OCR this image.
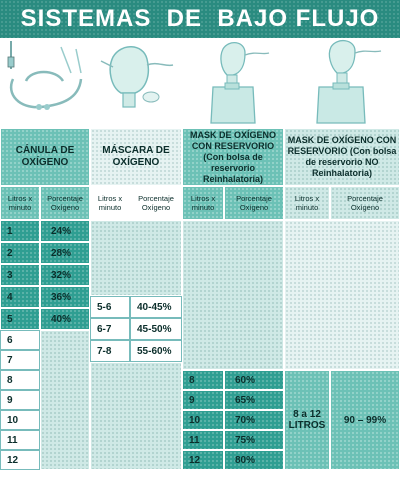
SISTEMAS  DE  BAJO FLUJO
CÁNULA DE OXÍGENO
MÁSCARA DE OXÍGENO
MASK DE OXÍGENO CON RESERVORIO (Con bolsa de reservorio Reinhalatoria)
MASK DE OXÍGENO CON RESERVORIO (Con bolsa de reservorio NO Reinhalatoria)
Litros x minuto
Porcentaje Oxígeno
Litros x minuto
Porcentaje Oxígeno
Litros x minuto
Porcentaje Oxígeno
Litros x minuto
Porcentaje Oxígeno
1	24%
2	28%
3	32%
4	36%
5	40%
6
7
8
9
10
11
12
5-6	40-45%
6-7	45-50%
7-8	55-60%
8	60%
9	65%
10	70%
11	75%
12	80%
8 a 12 LITROS	90 – 99%
